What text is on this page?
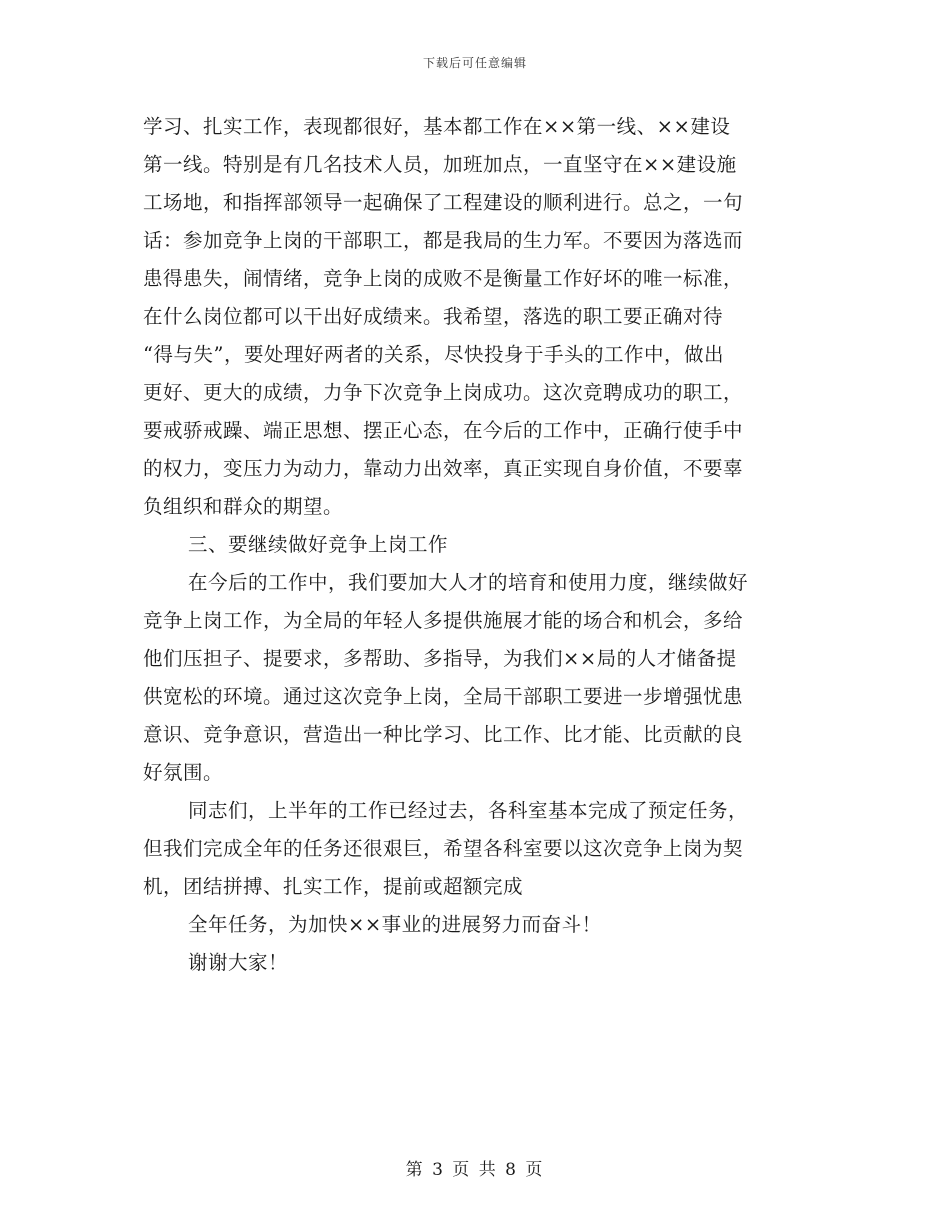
下载后可任意编辑
学习、扎实工作，表现都很好，基本都工作在××第一线、××建设
第一线。特别是有几名技术人员，加班加点，一直坚守在××建设施
工场地，和指挥部领导一起确保了工程建设的顺利进行。总之，一句
话：参加竞争上岗的干部职工，都是我局的生力军。不要因为落选而
患得患失，闹情绪，竞争上岗的成败不是衡量工作好坏的唯一标准，
在什么岗位都可以干出好成绩来。我希望，落选的职工要正确对待
“得与失”，要处理好两者的关系，尽快投身于手头的工作中，做出
更好、更大的成绩，力争下次竞争上岗成功。这次竞聘成功的职工，
要戒骄戒躁、端正思想、摆正心态，在今后的工作中，正确行使手中
的权力，变压力为动力，靠动力出效率，真正实现自身价值，不要辜
负组织和群众的期望。
三、要继续做好竞争上岗工作
在今后的工作中，我们要加大人才的培育和使用力度，继续做好
竞争上岗工作，为全局的年轻人多提供施展才能的场合和机会，多给
他们压担子、提要求，多帮助、多指导，为我们××局的人才储备提
供宽松的环境。通过这次竞争上岗，全局干部职工要进一步增强忧患
意识、竞争意识，营造出一种比学习、比工作、比才能、比贡献的良
好氛围。
同志们，上半年的工作已经过去，各科室基本完成了预定任务，
但我们完成全年的任务还很艰巨，希望各科室要以这次竞争上岗为契
机，团结拼搏、扎实工作，提前或超额完成
全年任务，为加快××事业的进展努力而奋斗！
谢谢大家！
第 3 页 共 8 页
